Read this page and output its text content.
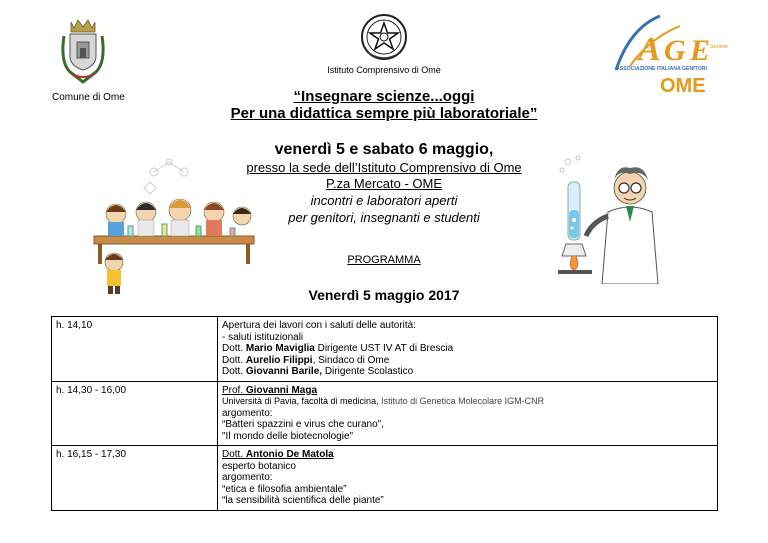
A G E Sezione
ASSOCIAZIONE ITALIANA GENITORI
OME
Istituto Comprensivo di Ome
Comune di Ome	“Insegnare scienze...oggi
Per una didattica sempre più laboratoriale”
venerdì 5 e sabato 6 maggio,
presso la sede dell’Istituto Comprensivo di Ome
P.za Mercato - OME
incontri e laboratori aperti
per genitori, insegnanti e studenti
PROGRAMMA
Venerdì 5 maggio 2017
h. 14,10	Apertura dei lavori con i saluti delle autorità:
- saluti istituzionali
Dott. Mario Maviglia Dirigente UST IV AT di Brescia
Dott. Aurelio Filippi, Sindaco di Ome
Dott. Giovanni Barile, Dirigente Scolastico

h. 14,30 - 16,00	Prof. Giovanni Maga
Università di Pavia, facoltà di medicina, Istituto di Genetica Molecolare IGM-CNR
argomento:
“Batteri spazzini e virus che curano",
"Il mondo delle biotecnologie"

h. 16,15 - 17,30	Dott. Antonio De Matola
esperto botanico
argomento:
“etica e filosofia ambientale”
“la sensibilità scientifica delle piante”
